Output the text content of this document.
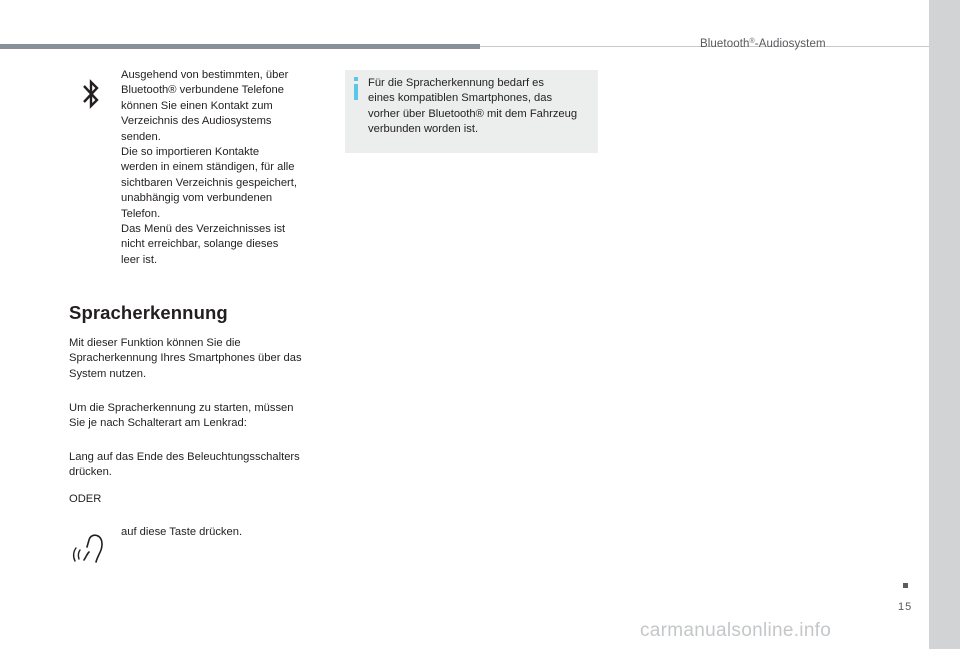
Bluetooth®-Audiosystem

Ausgehend von bestimmten, über
Bluetooth® verbundene Telefone
können Sie einen Kontakt zum
Verzeichnis des Audiosystems
senden.
Die so importieren Kontakte
werden in einem ständigen, für alle
sichtbaren Verzeichnis gespeichert,
unabhängig vom verbundenen
Telefon.
Das Menü des Verzeichnisses ist
nicht erreichbar, solange dieses
leer ist.

Für die Spracherkennung bedarf es
eines kompatiblen Smartphones, das
vorher über Bluetooth® mit dem Fahrzeug
verbunden worden ist.

Spracherkennung

Mit dieser Funktion können Sie die
Spracherkennung Ihres Smartphones über das
System nutzen.

Um die Spracherkennung zu starten, müssen
Sie je nach Schalterart am Lenkrad:

Lang auf das Ende des Beleuchtungsschalters
drücken.

ODER

auf diese Taste drücken.

15
carmanualsonline.info
